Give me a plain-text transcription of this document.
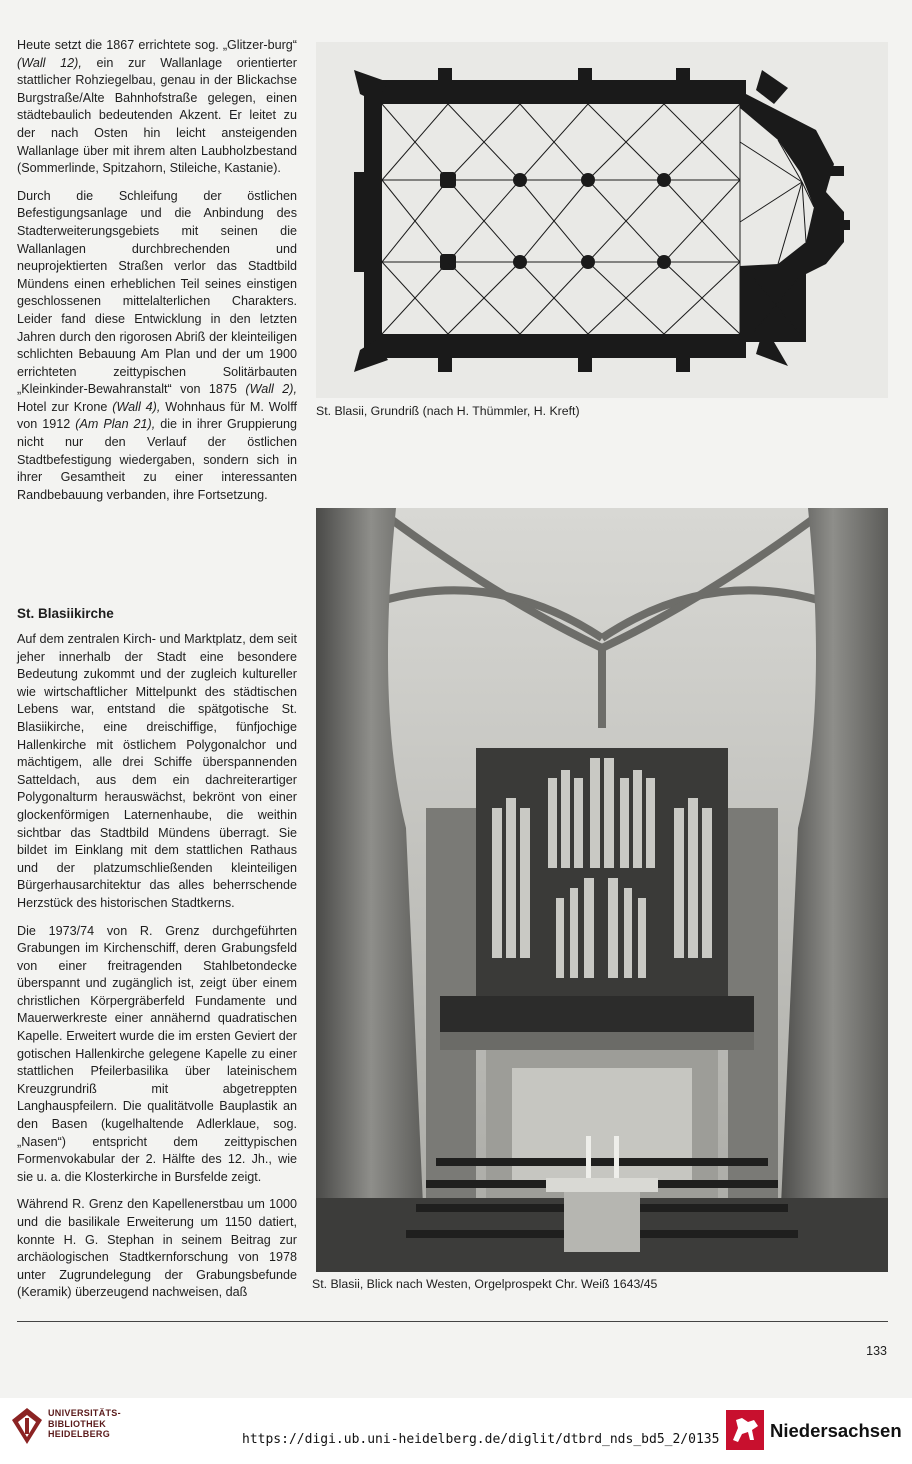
Heute setzt die 1867 errichtete sog. „Glitzer-burg“ (Wall 12), ein zur Wallanlage orientierter stattlicher Rohziegelbau, genau in der Blickachse Burgstraße/Alte Bahnhofstraße gelegen, einen städtebaulich bedeutenden Akzent. Er leitet zu der nach Osten hin leicht ansteigenden Wallanlage über mit ihrem alten Laubholzbestand (Sommerlinde, Spitzahorn, Stileiche, Kastanie).

Durch die Schleifung der östlichen Befestigungsanlage und die Anbindung des Stadterweiterungsgebiets mit seinen die Wallanlagen durchbrechenden und neuprojektierten Straßen verlor das Stadtbild Mündens einen erheblichen Teil seines einstigen geschlossenen mittelalterlichen Charakters. Leider fand diese Entwicklung in den letzten Jahren durch den rigorosen Abriß der kleinteiligen schlichten Bebauung Am Plan und der um 1900 errichteten zeittypischen Solitärbauten „Kleinkinder-Bewahranstalt“ von 1875 (Wall 2), Hotel zur Krone (Wall 4), Wohnhaus für M. Wolff von 1912 (Am Plan 21), die in ihrer Gruppierung nicht nur den Verlauf der östlichen Stadtbefestigung wiedergaben, sondern sich in ihrer Gesamtheit zu einer interessanten Randbebauung verbanden, ihre Fortsetzung.

St. Blasiikirche

Auf dem zentralen Kirch- und Marktplatz, dem seit jeher innerhalb der Stadt eine besondere Bedeutung zukommt und der zugleich kultureller wie wirtschaftlicher Mittelpunkt des städtischen Lebens war, entstand die spätgotische St. Blasiikirche, eine dreischiffige, fünfjochige Hallenkirche mit östlichem Polygonalchor und mächtigem, alle drei Schiffe überspannenden Satteldach, aus dem ein dachreiterartiger Polygonalturm herauswächst, bekrönt von einer glockenförmigen Laternenhaube, die weithin sichtbar das Stadtbild Mündens überragt. Sie bildet im Einklang mit dem stattlichen Rathaus und der platzumschließenden kleinteiligen Bürgerhausarchitektur das alles beherrschende Herzstück des historischen Stadtkerns.

Die 1973/74 von R. Grenz durchgeführten Grabungen im Kirchenschiff, deren Grabungsfeld von einer freitragenden Stahlbetondecke überspannt und zugänglich ist, zeigt über einem christlichen Körpergräberfeld Fundamente und Mauerwerkreste einer annähernd quadratischen Kapelle. Erweitert wurde die im ersten Geviert der gotischen Hallenkirche gelegene Kapelle zu einer stattlichen Pfeilerbasilika über lateinischem Kreuzgrundriß mit abgetreppten Langhauspfeilern. Die qualitätvolle Bauplastik an den Basen (kugelhaltende Adlerklaue, sog. „Nasen“) entspricht dem zeittypischen Formenvokabular der 2. Hälfte des 12. Jh., wie sie u. a. die Klosterkirche in Bursfelde zeigt.

Während R. Grenz den Kapellenerstbau um 1000 und die basilikale Erweiterung um 1150 datiert, konnte H. G. Stephan in seinem Beitrag zur archäologischen Stadtkernforschung von 1978 unter Zugrundelegung der Grabungsbefunde (Keramik) überzeugend nachweisen, daß

St. Blasii, Grundriß (nach H. Thümmler, H. Kreft)
St. Blasii, Blick nach Westen, Orgelprospekt Chr. Weiß 1643/45
133
UNIVERSITÄTS-
BIBLIOTHEK
HEIDELBERG	https://digi.ub.uni-heidelberg.de/diglit/dtbrd_nds_bd5_2/0135	Niedersachsen
